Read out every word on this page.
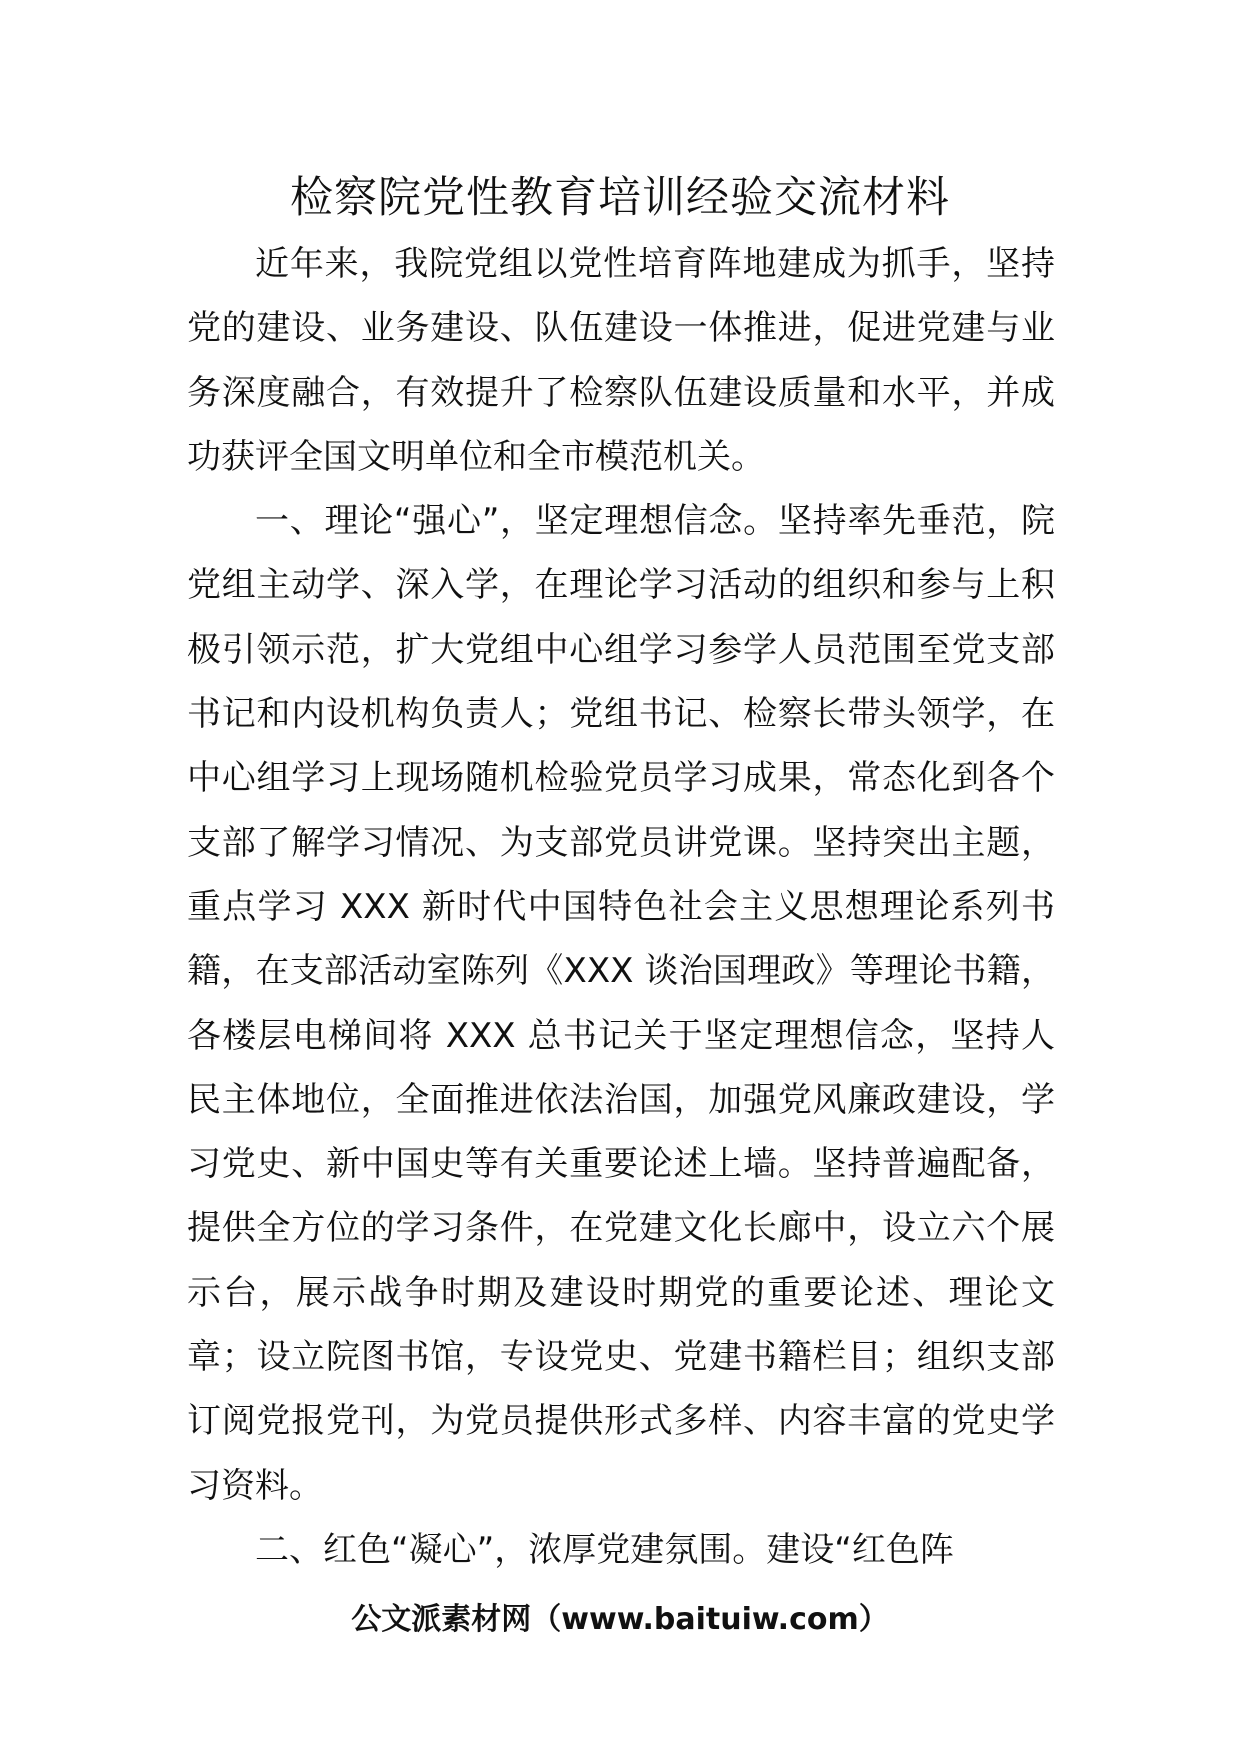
检察院党性教育培训经验交流材料

近年来，我院党组以党性培育阵地建成为抓手，坚持党的建设、业务建设、队伍建设一体推进，促进党建与业务深度融合，有效提升了检察队伍建设质量和水平，并成功获评全国文明单位和全市模范机关。

一、理论“强心”，坚定理想信念。坚持率先垂范，院党组主动学、深入学，在理论学习活动的组织和参与上积极引领示范，扩大党组中心组学习参学人员范围至党支部书记和内设机构负责人；党组书记、检察长带头领学，在中心组学习上现场随机检验党员学习成果，常态化到各个支部了解学习情况、为支部党员讲党课。坚持突出主题，重点学习 XXX 新时代中国特色社会主义思想理论系列书籍，在支部活动室陈列《XXX 谈治国理政》等理论书籍，各楼层电梯间将 XXX 总书记关于坚定理想信念，坚持人民主体地位，全面推进依法治国，加强党风廉政建设，学习党史、新中国史等有关重要论述上墙。坚持普遍配备，提供全方位的学习条件，在党建文化长廊中，设立六个展示台，展示战争时期及建设时期党的重要论述、理论文章；设立院图书馆，专设党史、党建书籍栏目；组织支部订阅党报党刊，为党员提供形式多样、内容丰富的党史学习资料。

二、红色“凝心”，浓厚党建氛围。建设“红色阵

公文派素材网（www.baituiw.com）
